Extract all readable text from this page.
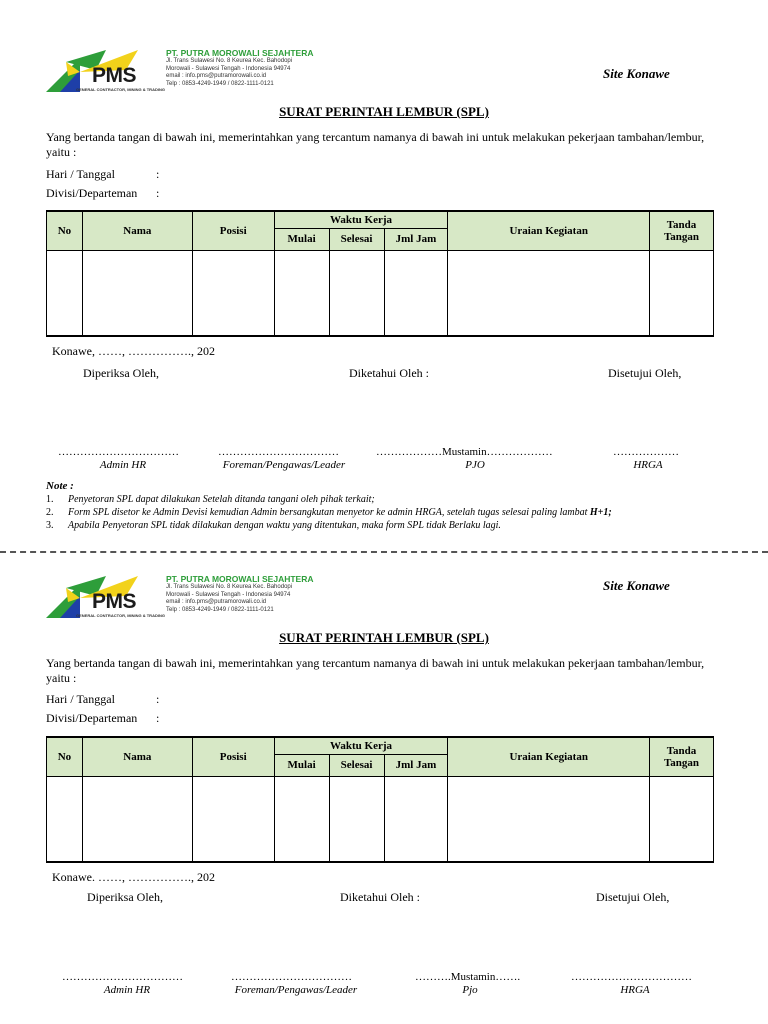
PMS
GENERAL CONTRACTOR, MINING & TRADING
PT. PUTRA MOROWALI SEJAHTERA
Jl. Trans Sulawesi No. 8 Keurea Kec. Bahodopi
Morowali - Sulawesi Tengah - Indonesia 94974
email : info.pms@putramorowali.co.id
Telp : 0853-4249-1949 / 0822-1111-0121
Site Konawe
SURAT PERINTAH LEMBUR (SPL)
Yang bertanda tangan di bawah ini, memerintahkan yang tercantum namanya di bawah ini untuk melakukan pekerjaan tambahan/lembur, yaitu :
Hari / Tanggal	:
Divisi/Departeman :
No	Nama	Posisi	Waktu Kerja			Uraian Kegiatan	Tanda Tangan
			Mulai	Selesai	Jml Jam		

Konawe, ……, ……………., 202
Diperiksa Oleh,	Diketahui Oleh :	Disetujui Oleh,
……………………………	……………………………	………………Mustamin………………	………………
Admin HR	Foreman/Pengawas/Leader	PJO	HRGA
Note :
1. Penyetoran SPL dapat dilakukan Setelah ditanda tangani oleh pihak terkait;
2. Form SPL disetor ke Admin Devisi kemudian Admin bersangkutan menyetor ke admin HRGA, setelah tugas selesai paling lambat H+1;
3. Apabila Penyetoran SPL tidak dilakukan dengan waktu yang ditentukan, maka form SPL tidak Berlaku lagi.
PMS
GENERAL CONTRACTOR, MINING & TRADING
PT. PUTRA MOROWALI SEJAHTERA
Jl. Trans Sulawesi No. 8 Keurea Kec. Bahodopi
Morowali - Sulawesi Tengah - Indonesia 94974
email : info.pms@putramorowali.co.id
Telp : 0853-4249-1949 / 0822-1111-0121
Site Konawe
SURAT PERINTAH LEMBUR (SPL)
Yang bertanda tangan di bawah ini, memerintahkan yang tercantum namanya di bawah ini untuk melakukan pekerjaan tambahan/lembur, yaitu :
Hari / Tanggal	:
Divisi/Departeman :
No	Nama	Posisi	Waktu Kerja			Uraian Kegiatan	Tanda Tangan
			Mulai	Selesai	Jml Jam		

Konawe. ……, ……………., 202
Diperiksa Oleh,	Diketahui Oleh :	Disetujui Oleh,
……………………………	……………………………	……….Mustamin…….	……………………………
Admin HR	Foreman/Pengawas/Leader	Pjo	HRGA
